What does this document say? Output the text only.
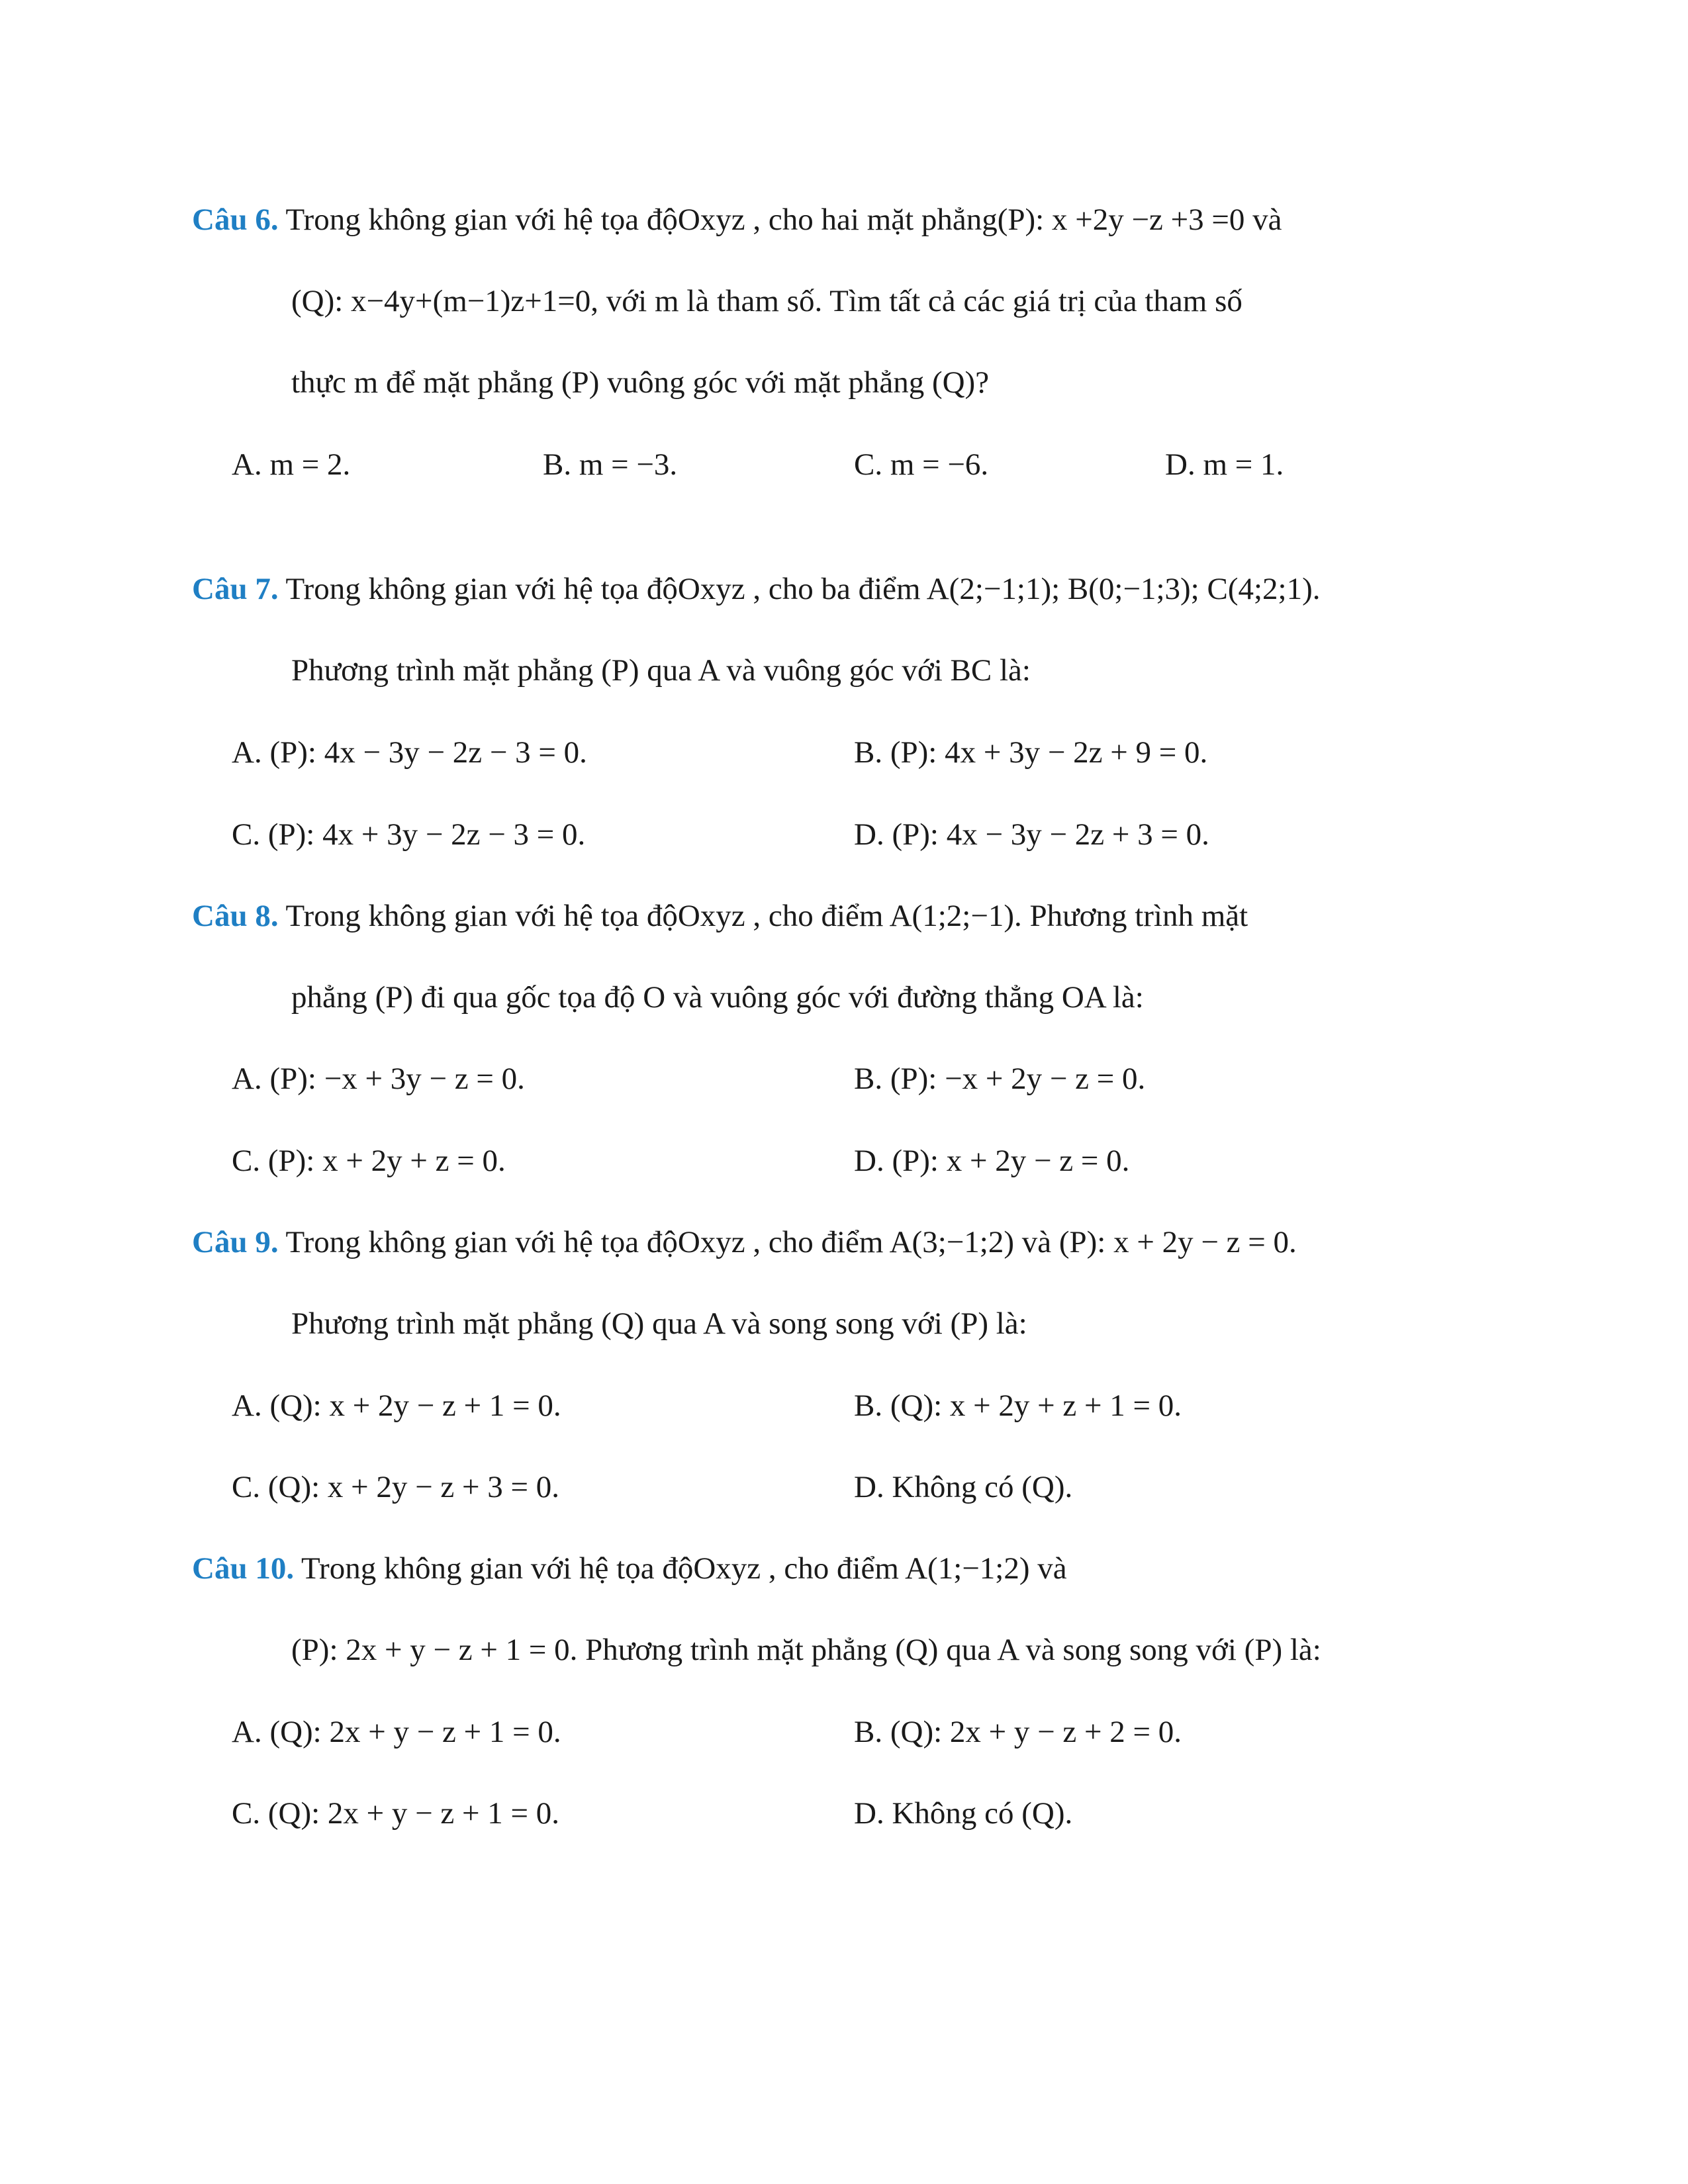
Câu 6. Trong không gian với hệ tọa độOxyz , cho hai mặt phẳng(P): x +2y −z +3 =0 và
(Q): x−4y+(m−1)z+1=0, với m là tham số. Tìm tất cả các giá trị của tham số
thực m để mặt phẳng (P) vuông góc với mặt phẳng (Q)?
A. m = 2.	B. m = −3.	C. m = −6.	D. m = 1.
Câu 7. Trong không gian với hệ tọa độOxyz , cho ba điểm A(2;−1;1); B(0;−1;3); C(4;2;1).
Phương trình mặt phẳng (P) qua A và vuông góc với BC là:
A. (P): 4x − 3y − 2z − 3 = 0.	B. (P): 4x + 3y − 2z + 9 = 0.
C. (P): 4x + 3y − 2z − 3 = 0.	D. (P): 4x − 3y − 2z + 3 = 0.
Câu 8. Trong không gian với hệ tọa độOxyz , cho điểm A(1;2;−1). Phương trình mặt
phẳng (P) đi qua gốc tọa độ O và vuông góc với đường thẳng OA là:
A. (P): −x + 3y − z = 0.	B. (P): −x + 2y − z = 0.
C. (P): x + 2y + z = 0.	D. (P): x + 2y − z = 0.
Câu 9. Trong không gian với hệ tọa độOxyz , cho điểm A(3;−1;2) và (P): x + 2y − z = 0.
Phương trình mặt phẳng (Q) qua A và song song với (P) là:
A. (Q): x + 2y − z + 1 = 0.	B. (Q): x + 2y + z + 1 = 0.
C. (Q): x + 2y − z + 3 = 0.	D. Không có (Q).
Câu 10. Trong không gian với hệ tọa độOxyz , cho điểm A(1;−1;2) và
(P): 2x + y − z + 1 = 0. Phương trình mặt phẳng (Q) qua A và song song với (P) là:
A. (Q): 2x + y − z + 1 = 0.	B. (Q): 2x + y − z + 2 = 0.
C. (Q): 2x + y − z + 1 = 0.	D. Không có (Q).
